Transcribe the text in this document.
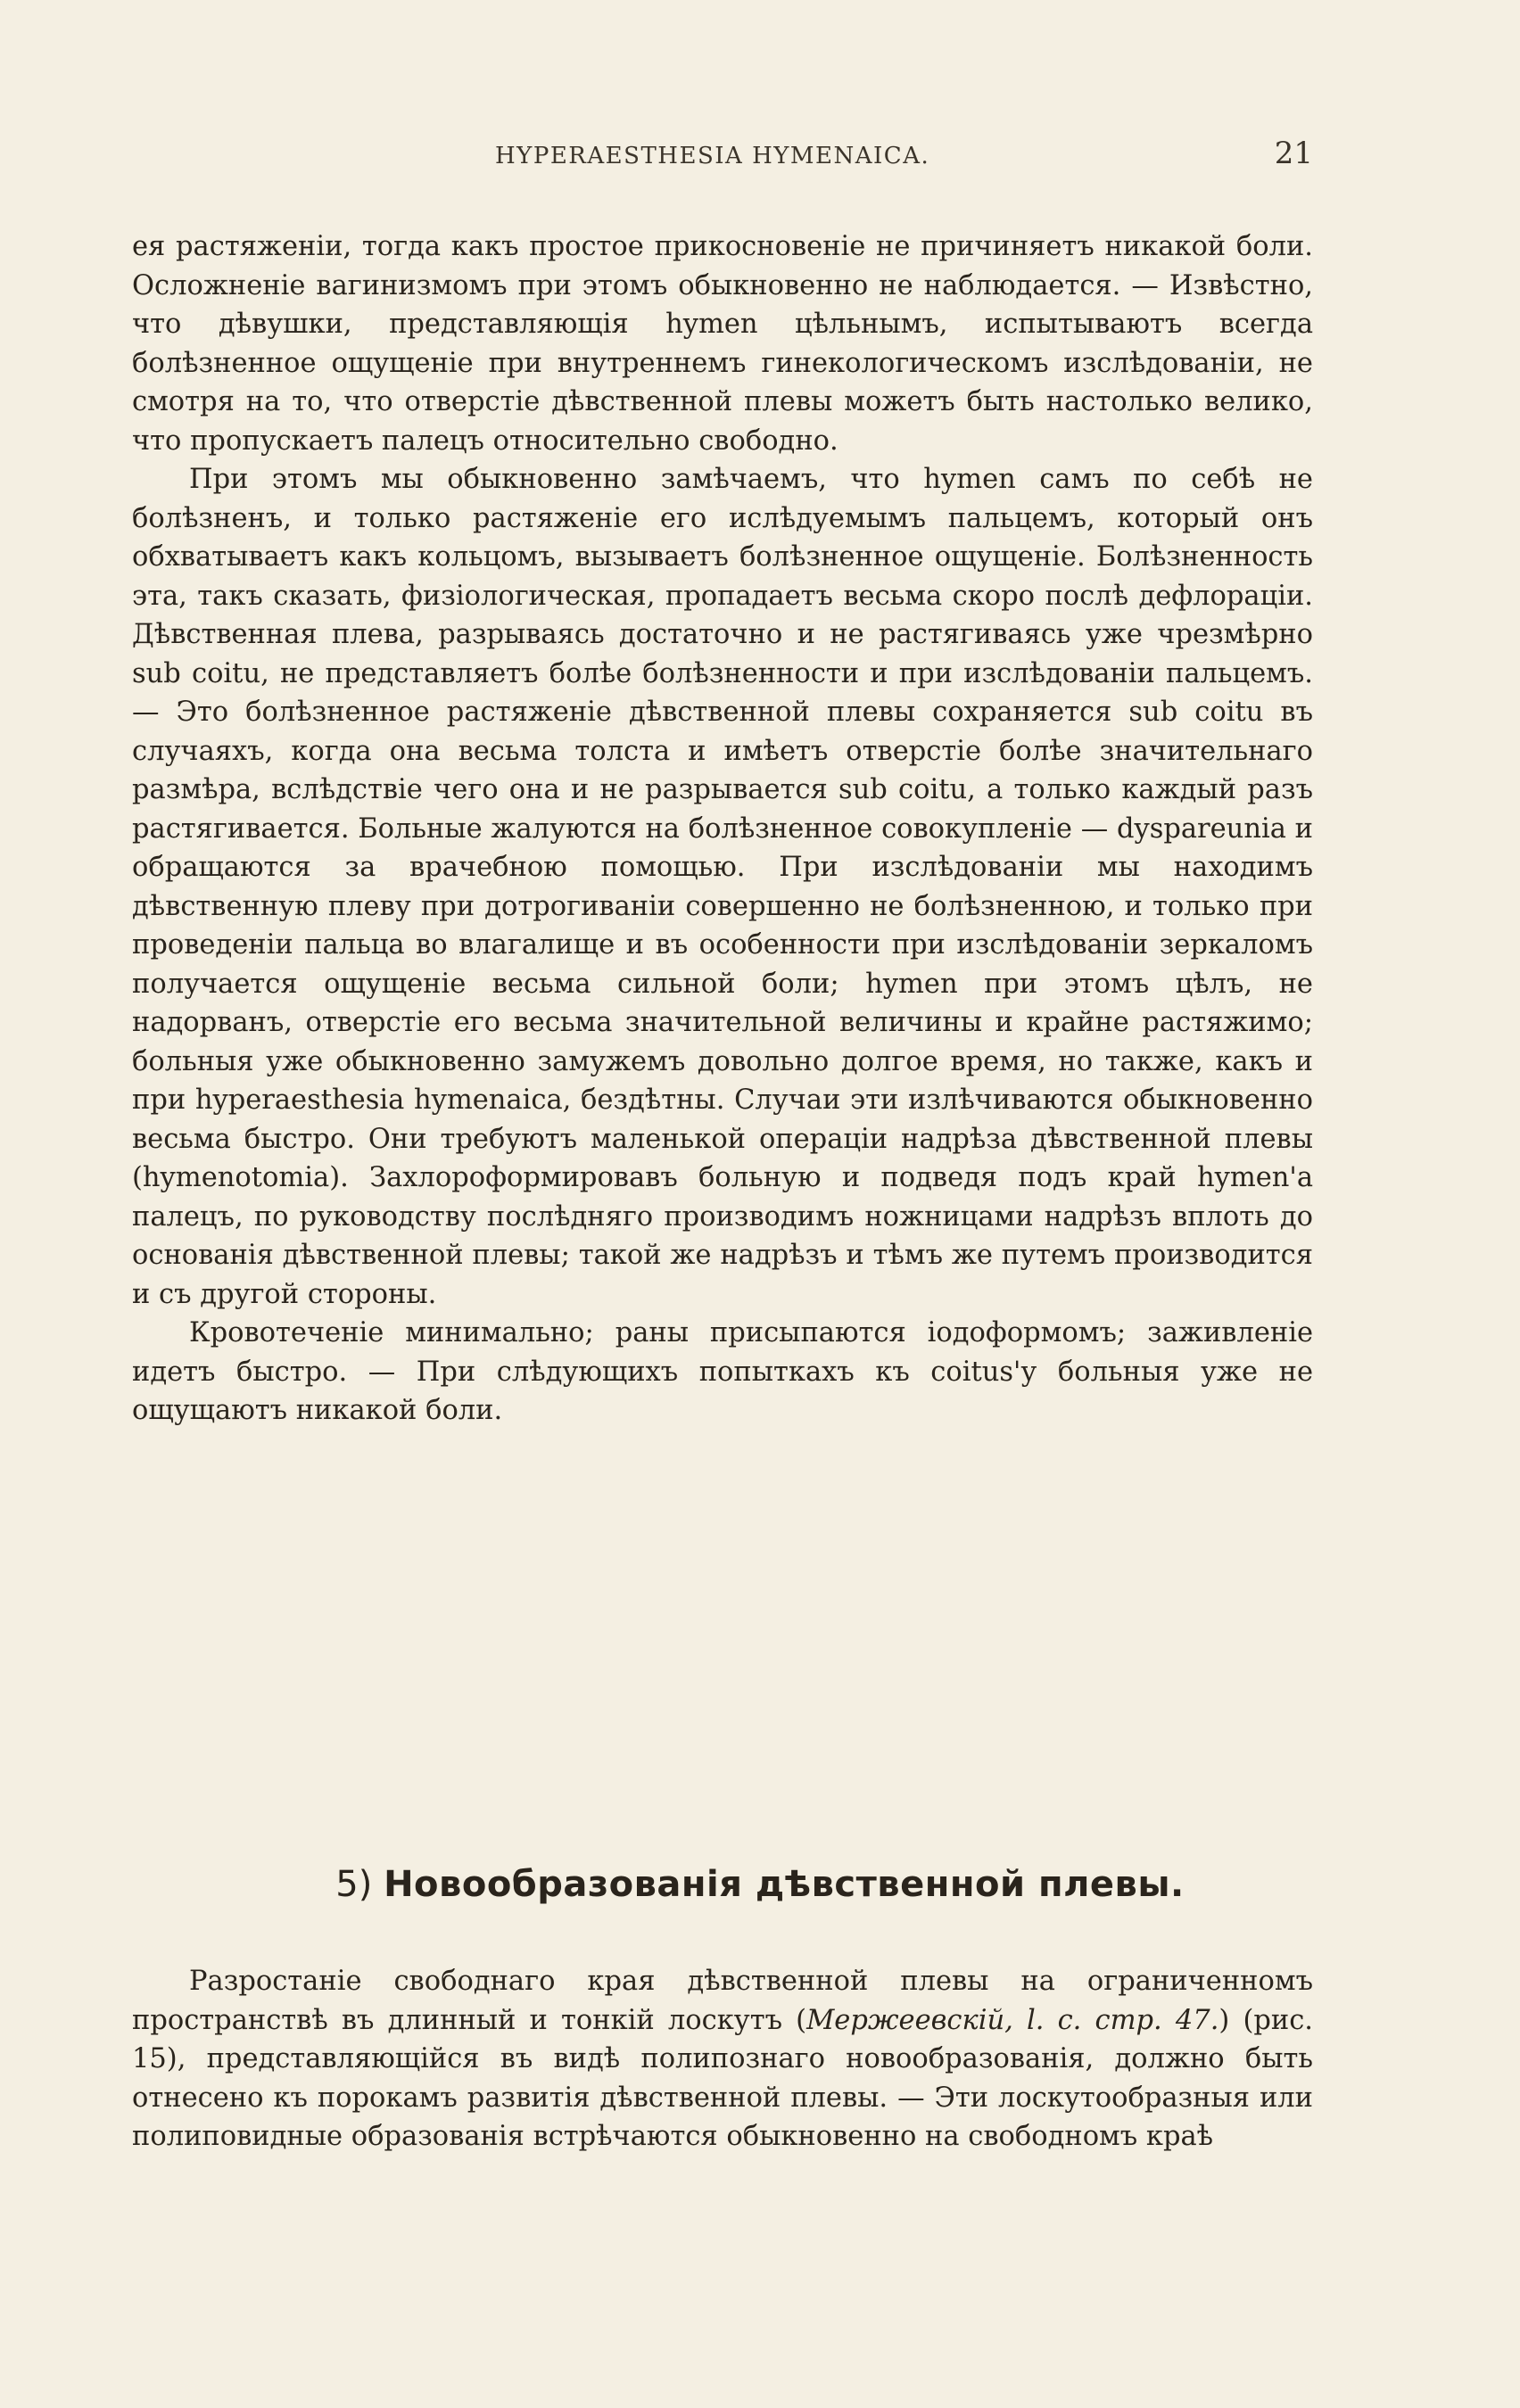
HYPERAESTHESIA HYMENAICA.	21

ея растяженіи, тогда какъ простое прикосновеніе не причиняетъ никакой боли. Осложненіе вагинизмомъ при этомъ обыкновенно не наблюдается. — Извѣстно, что дѣвушки, представляющія hymen цѣльнымъ, испытываютъ всегда болѣзненное ощущеніе при внутреннемъ гинекологическомъ изслѣдованіи, не смотря на то, что отверстіе дѣвственной плевы можетъ быть настолько велико, что пропускаетъ палецъ относительно свободно.

При этомъ мы обыкновенно замѣчаемъ, что hymen самъ по себѣ не болѣзненъ, и только растяженіе его ислѣдуемымъ пальцемъ, который онъ обхватываетъ какъ кольцомъ, вызываетъ болѣзненное ощущеніе. Болѣзненность эта, такъ сказать, физіологическая, пропадаетъ весьма скоро послѣ дефлораціи. Дѣвственная плева, разрываясь достаточно и не растягиваясь уже чрезмѣрно sub coitu, не представляетъ болѣе болѣзненности и при изслѣдованіи пальцемъ. — Это болѣзненное растяженіе дѣвственной плевы сохраняется sub coitu въ случаяхъ, когда она весьма толста и имѣетъ отверстіе болѣе значительнаго размѣра, вслѣдствіе чего она и не разрывается sub coitu, а только каждый разъ растягивается. Больные жалуются на болѣзненное совокупленіе — dyspareunia и обращаются за врачебною помощью. При изслѣдованіи мы находимъ дѣвственную плеву при дотрогиваніи совершенно не болѣзненною, и только при проведеніи пальца во влагалище и въ особенности при изслѣдованіи зеркаломъ получается ощущеніе весьма сильной боли; hymen при этомъ цѣлъ, не надорванъ, отверстіе его весьма значительной величины и крайне растяжимо; больныя уже обыкновенно замужемъ довольно долгое время, но также, какъ и при hyperaesthesia hymenaica, бездѣтны. Случаи эти излѣчиваются обыкновенно весьма быстро. Они требуютъ маленькой операціи надрѣза дѣвственной плевы (hymenotomia). Захлороформировавъ больную и подведя подъ край hymen'а палецъ, по руководству послѣдняго производимъ ножницами надрѣзъ вплоть до основанія дѣвственной плевы; такой же надрѣзъ и тѣмъ же путемъ производится и съ другой стороны.

Кровотеченіе минимально; раны присыпаются іодоформомъ; заживленіе идетъ быстро. — При слѣдующихъ попыткахъ къ coitus'у больныя уже не ощущаютъ никакой боли.

5) Новообразованія дѣвственной плевы.

Разростаніе свободнаго края дѣвственной плевы на ограниченномъ пространствѣ въ длинный и тонкій лоскутъ (Мержеевскій, l. c. стр. 47.) (рис. 15), представляющійся въ видѣ полипознаго новообразованія, должно быть отнесено къ порокамъ развитія дѣвственной плевы. — Эти лоскутообразныя или полиповидные образованія встрѣчаются обыкновенно на свободномъ краѣ
